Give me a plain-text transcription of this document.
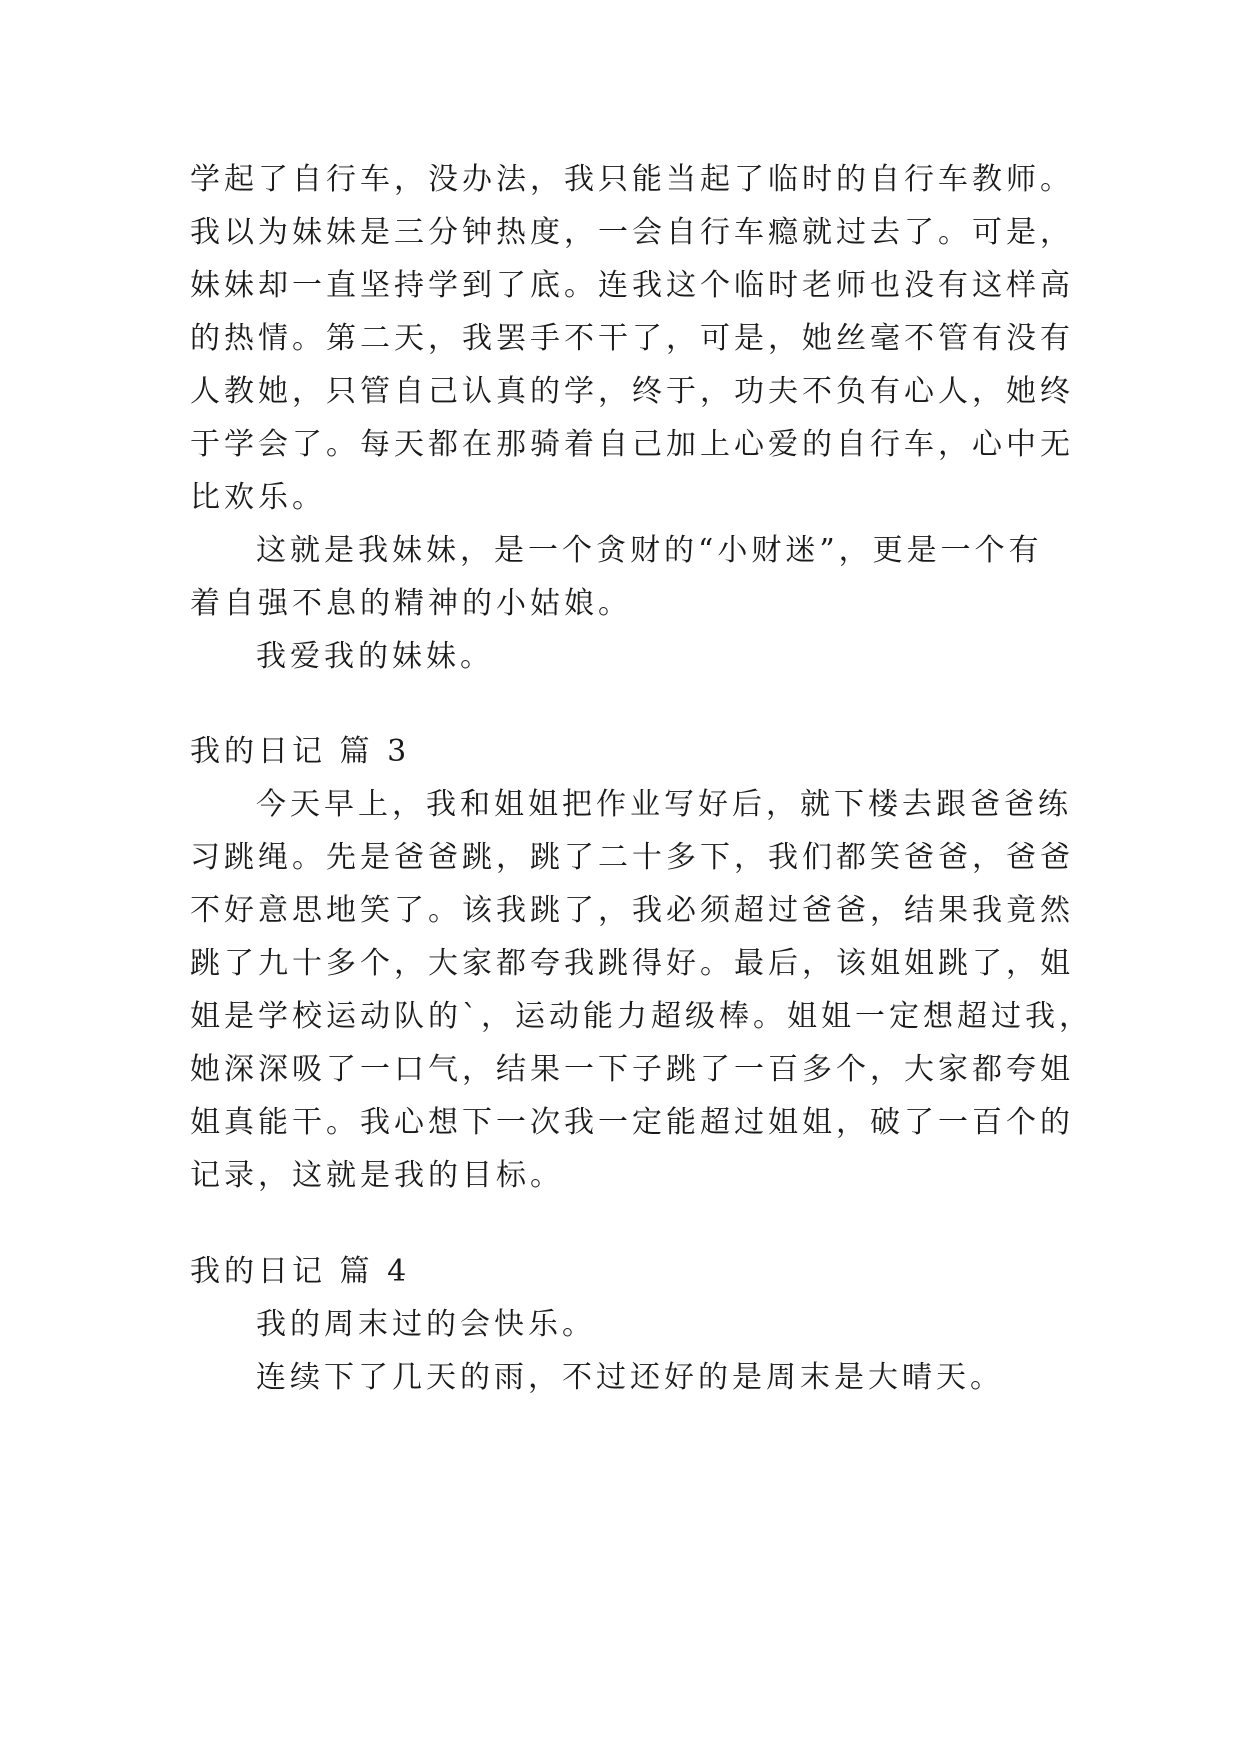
学起了自行车，没办法，我只能当起了临时的自行车教师。
我以为妹妹是三分钟热度，一会自行车瘾就过去了。可是，
妹妹却一直坚持学到了底。连我这个临时老师也没有这样高
的热情。第二天，我罢手不干了，可是，她丝毫不管有没有
人教她，只管自己认真的学，终于，功夫不负有心人，她终
于学会了。每天都在那骑着自己加上心爱的自行车，心中无
比欢乐。
这就是我妹妹，是一个贪财的“小财迷”，更是一个有
着自强不息的精神的小姑娘。
我爱我的妹妹。
我的日记 篇 3
今天早上，我和姐姐把作业写好后，就下楼去跟爸爸练
习跳绳。先是爸爸跳，跳了二十多下，我们都笑爸爸，爸爸
不好意思地笑了。该我跳了，我必须超过爸爸，结果我竟然
跳了九十多个，大家都夸我跳得好。最后，该姐姐跳了，姐
姐是学校运动队的`，运动能力超级棒。姐姐一定想超过我，
她深深吸了一口气，结果一下子跳了一百多个，大家都夸姐
姐真能干。我心想下一次我一定能超过姐姐，破了一百个的
记录，这就是我的目标。
我的日记 篇 4
我的周末过的会快乐。
连续下了几天的雨，不过还好的是周末是大晴天。
